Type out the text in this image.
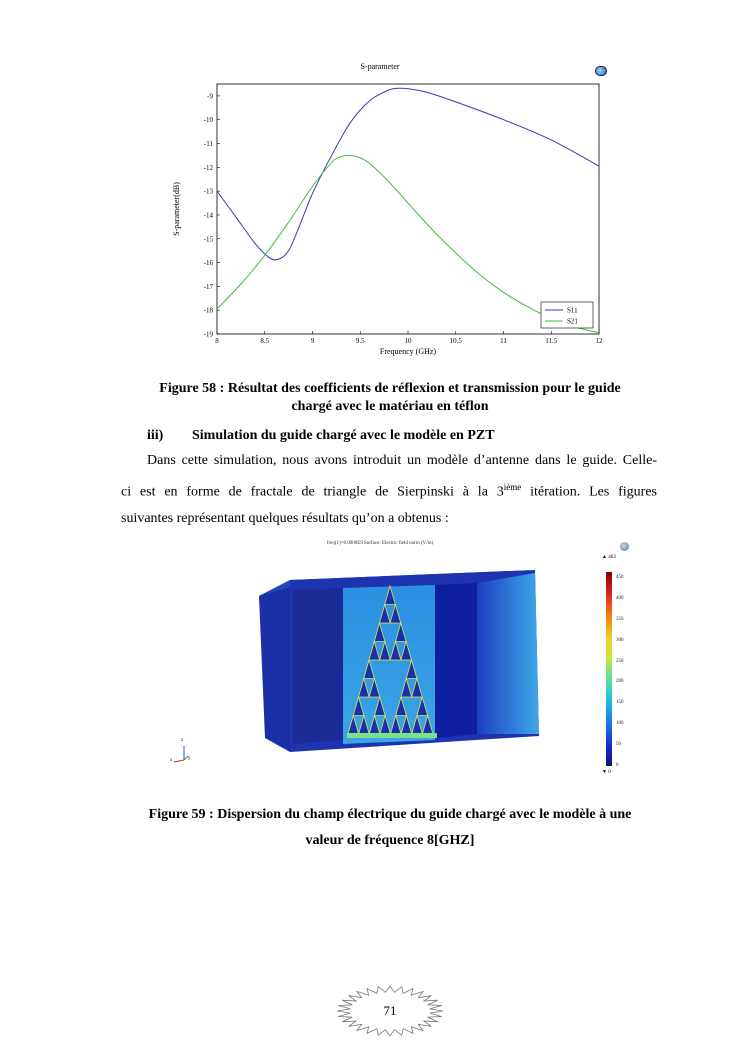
S-parameter
8	8.5	9	9.5	10	10.5	11	11.5	12
-9
-10
-11
-12
-13
-14
-15
-16
-17
-18
-19
Frequency (GHz)
S-parameter(dB)
S11
S21
Figure 58 : Résultat des coefficients de réflexion et transmission pour le guide
chargé avec le matériau en téflon
iii) Simulation du guide chargé avec le modèle en PZT
Dans cette simulation, nous avons introduit un modèle d’antenne dans le guide. Celle-
ci est en forme de fractale de triangle de Sierpinski à la 3ième itération. Les figures
suivantes représentant quelques résultats qu’on a obtenus :
freq(1)=8.0000E9 Surface: Electric field norm (V/m)
z
x	y
▲ 463
450
400
350
300
250
200
150
100
50
0
▼ 0
Figure 59 : Dispersion du champ électrique du guide chargé avec le modèle à une
valeur de fréquence 8[GHZ]
71
